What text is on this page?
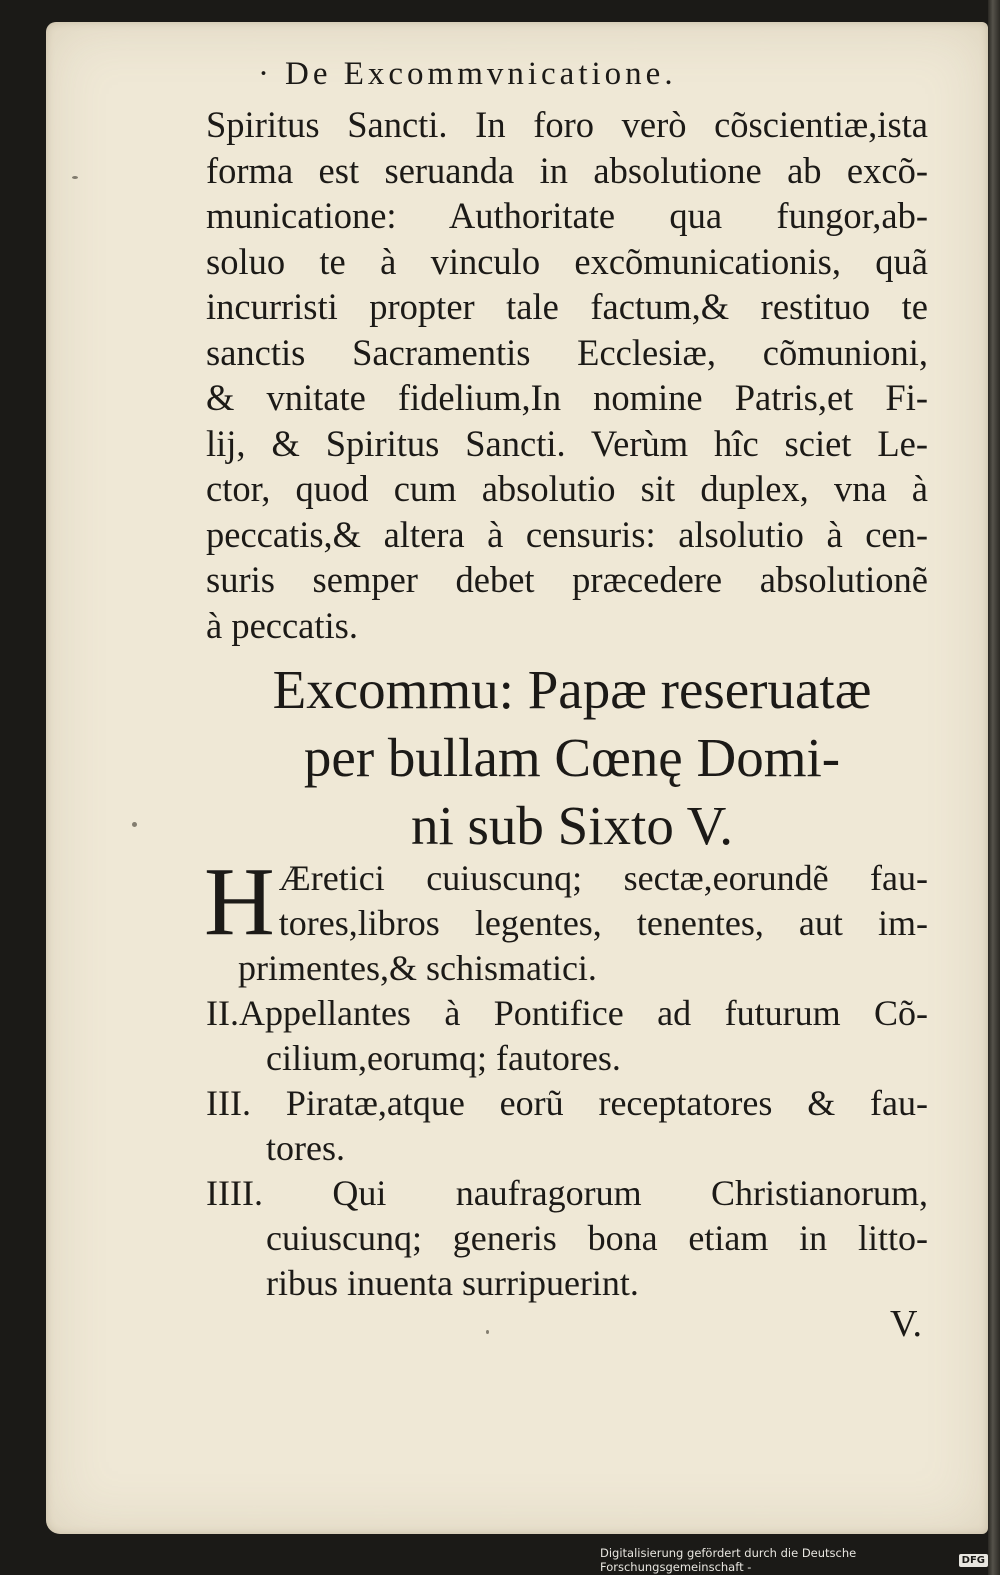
· De Excommvnicatione.
Spiritus Sancti. In foro verò cõscientiæ,ista
forma est seruanda in absolutione ab excõ-
municatione: Authoritate qua fungor,ab-
soluo te à vinculo excõmunicationis, quã
incurristi propter tale factum,& restituo te
sanctis Sacramentis Ecclesiæ, cõmunioni,
& vnitate fidelium,In nomine Patris,et Fi-
lij, & Spiritus Sancti. Verùm hîc sciet Le-
ctor, quod cum absolutio sit duplex, vna à
peccatis,& altera à censuris: alsolutio à cen-
suris semper debet præcedere absolutionẽ
à peccatis.
Excommu: Papæ reseruatæ
per bullam Cœnę Domi-
ni sub Sixto V.
H Æretici cuiuscunq; sectæ,eorundẽ fau-
tores,libros legentes, tenentes, aut im-
primentes,& schismatici.
II.Appellantes à Pontifice ad futurum Cõ-
cilium,eorumq; fautores.
III. Piratæ,atque eorũ receptatores & fau-
tores.
IIII. Qui naufragorum Christianorum,
cuiuscunq; generis bona etiam in litto-
ribus inuenta surripuerint.
V.
Digitalisierung gefördert durch die Deutsche Forschungsgemeinschaft -	DFG
